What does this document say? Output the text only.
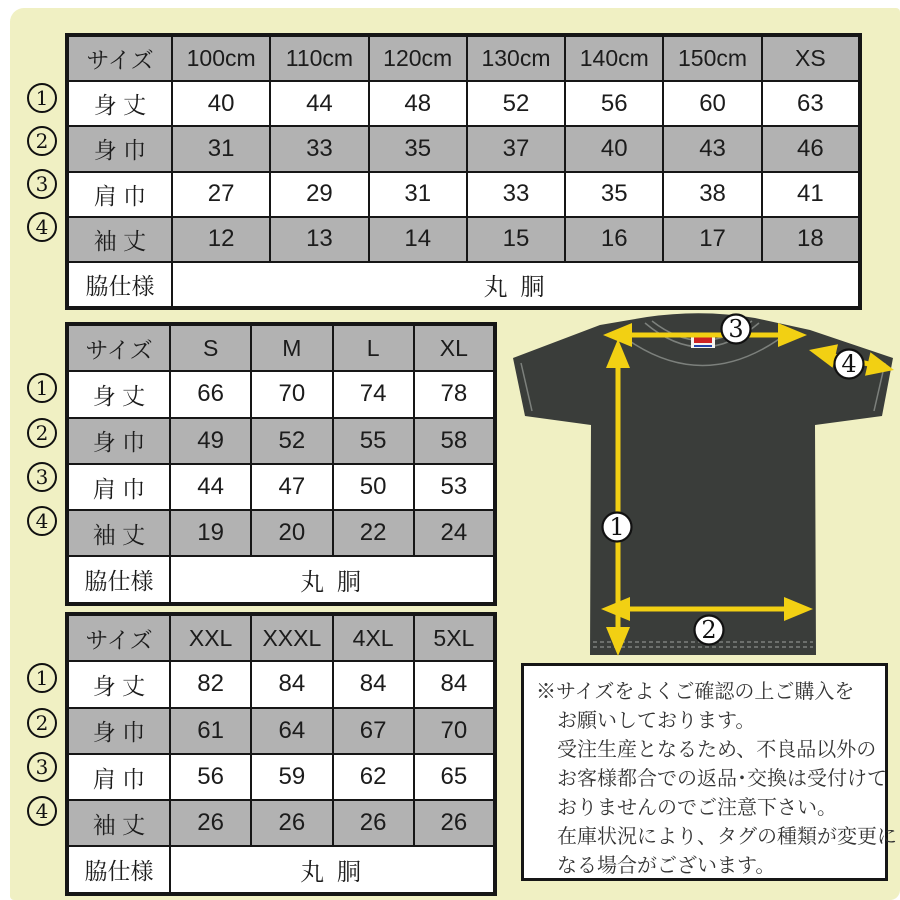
1
2
3
4
サイズ	100cm	110cm	120cm	130cm	140cm	150cm	XS
身 丈	40	44	48	52	56	60	63
身 巾	31	33	35	37	40	43	46
肩 巾	27	29	31	33	35	38	41
袖 丈	12	13	14	15	16	17	18
脇仕様	丸 胴						
1
2
3
4
サイズ	S	M	L	XL
身 丈	66	70	74	78
身 巾	49	52	55	58
肩 巾	44	47	50	53
袖 丈	19	20	22	24
脇仕様	丸 胴			
1
2
3
4
サイズ	XXL	XXXL	4XL	5XL
身 丈	82	84	84	84
身 巾	61	64	67	70
肩 巾	56	59	62	65
袖 丈	26	26	26	26
脇仕様	丸 胴			
3
4
1
2
※サイズをよくご確認の上ご購入を
お願いしております。
受注生産となるため、不良品以外の
お客様都合での返品･交換は受付けて
おりませんのでご注意下さい。
在庫状況により、タグの種類が変更に
なる場合がございます。
